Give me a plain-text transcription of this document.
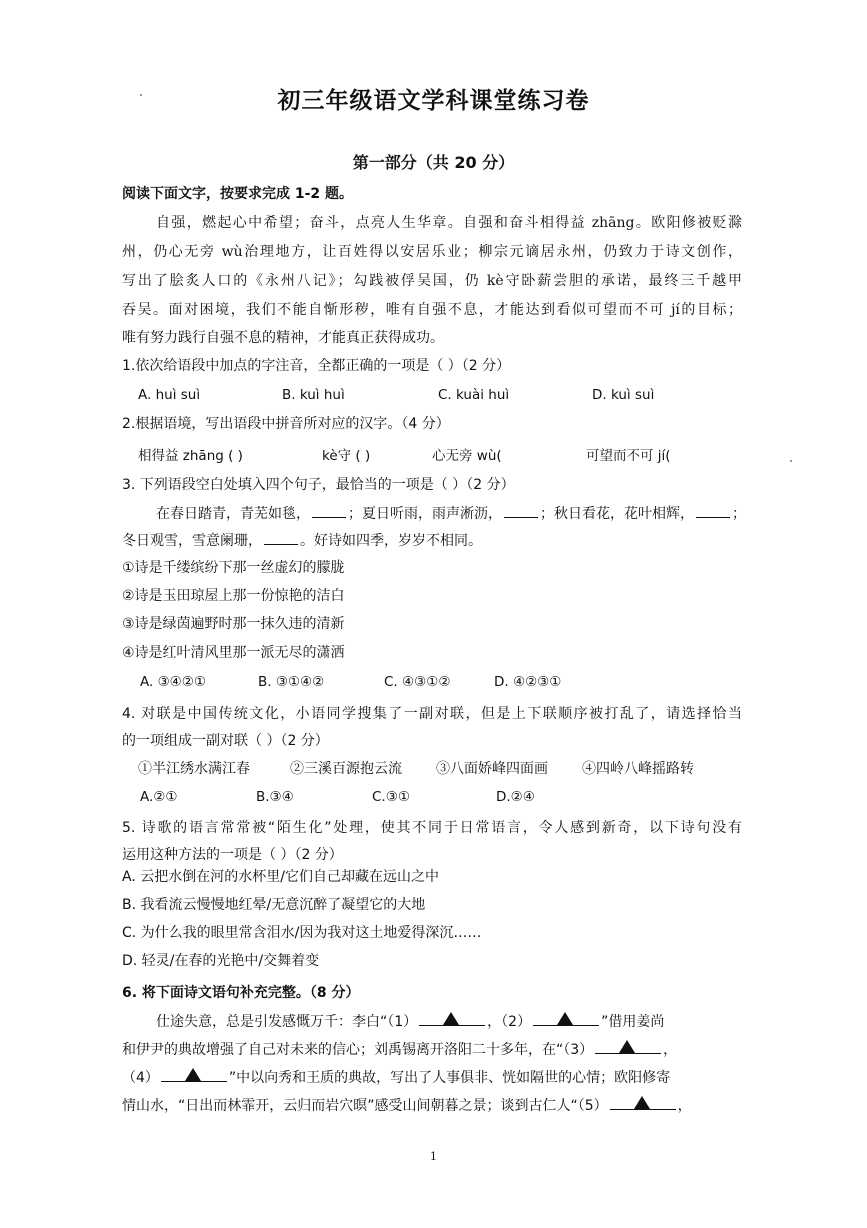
初三年级语文学科课堂练习卷
第一部分（共 20 分）
阅读下面文字，按要求完成 1-2 题。
自强，燃起心中希望；奋斗，点亮人生华章。自强和奋斗相得益 zhāng。欧阳修被贬滁
州，仍心无旁 wù治理地方，让百姓得以安居乐业；柳宗元谪居永州，仍致力于诗文创作，
写出了脍炙人口的《永州八记》；勾践被俘吴国，仍 kè守卧薪尝胆的承诺，最终三千越甲
吞吴。面对困境，我们不能自惭形秽，唯有自强不息，才能达到看似可望而不可 jí的目标；
唯有努力践行自强不息的精神，才能真正获得成功。
1.依次给语段中加点的字注音，全都正确的一项是（ ）（2 分）
A. huì suì	B. kuì huì	C. kuài huì	D. kuì suì
2.根据语境，写出语段中拼音所对应的汉字。（4 分）
相得益 zhāng ( )	kè守 ( )	心无旁 wù(	可望而不可 jí(
3. 下列语段空白处填入四个句子，最恰当的一项是（ ）（2 分）
在春日踏青，青芜如毯，	；夏日听雨，雨声淅沥，	；秋日看花，花叶相辉，	；
冬日观雪，雪意阑珊，	。好诗如四季，岁岁不相同。
①诗是千缕缤纷下那一丝虚幻的朦胧
②诗是玉田琼屋上那一份惊艳的洁白
③诗是绿茵遍野时那一抹久违的清新
④诗是红叶清风里那一派无尽的潇洒
A. ③④②①	B. ③①④②	C. ④③①②	D. ④②③①
4. 对联是中国传统文化，小语同学搜集了一副对联，但是上下联顺序被打乱了，请选择恰当
的一项组成一副对联（ ）（2 分）
①半江绣水满江春	②三溪百源抱云流 ③八面娇峰四面画 ④四岭八峰摇路转
A.②①	B.③④	C.③①	D.②④
5. 诗歌的语言常常被“陌生化”处理，使其不同于日常语言，令人感到新奇，以下诗句没有
运用这种方法的一项是（ ）（2 分）
A. 云把水倒在河的水杯里/它们自己却藏在远山之中
B. 我看流云慢慢地红晕/无意沉醉了凝望它的大地
C. 为什么我的眼里常含泪水/因为我对这土地爱得深沉……
D. 轻灵/在春的光艳中/交舞着变
6. 将下面诗文语句补充完整。（8 分）
仕途失意，总是引发感慨万千：李白“（1）	，（2）	”借用姜尚
和伊尹的典故增强了自己对未来的信心；刘禹锡离开洛阳二十多年，在“（3）	，
（4）	”中以向秀和王质的典故，写出了人事俱非、恍如隔世的心情；欧阳修寄
情山水，“日出而林霏开，云归而岩穴暝”感受山间朝暮之景；谈到古仁人“（5）	，
1
